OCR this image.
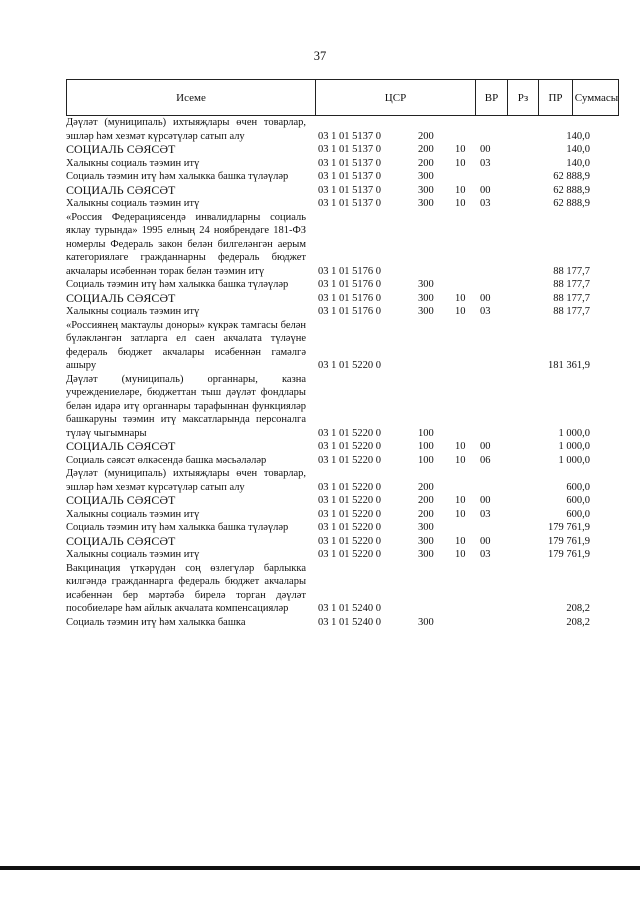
37
Исеме	ЦСР	ВР	Рз	ПР	Суммасы
Дәүләт (муниципаль) ихтыяҗлары өчен товарлар, эшләр һәм хезмәт күрсәтүләр сатып алу	03 1 01 5137 0	200	140,0
СОЦИАЛЬ СӘЯСӘТ	03 1 01 5137 0	200 10 00	140,0
Халыкны социаль тәэмин итү	03 1 01 5137 0	200 10 03	140,0
Социаль тәэмин итү һәм халыкка башка түләүләр	03 1 01 5137 0	300	62 888,9
СОЦИАЛЬ СӘЯСӘТ	03 1 01 5137 0	300 10 00	62 888,9
Халыкны социаль тәэмин итү	03 1 01 5137 0	300 10 03	62 888,9
«Россия Федерациясендә инвалидларны социаль яклау турында» 1995 елның 24 ноябрендәге 181-ФЗ номерлы Федераль закон белән билгеләнгән аерым категорияләге гражданнарны федераль бюджет акчалары исәбеннән торак белән тәэмин итү	03 1 01 5176 0	88 177,7
Социаль тәэмин итү һәм халыкка башка түләүләр	03 1 01 5176 0	300	88 177,7
СОЦИАЛЬ СӘЯСӘТ	03 1 01 5176 0	300 10 00	88 177,7
Халыкны социаль тәэмин итү	03 1 01 5176 0	300 10 03	88 177,7
«Россиянең мактаулы доноры» күкрәк тамгасы белән бүләкләнгән затларга ел саен акчалата түләүне федераль бюджет акчалары исәбеннән гамәлгә ашыру	03 1 01 5220 0	181 361,9
Дәүләт (муниципаль) органнары, казна учреждениеләре, бюджеттан тыш дәүләт фондлары белән идарә итү органнары тарафыннан функцияләр башкаруны тәэмин итү максатларында персоналга түләү чыгымнары	03 1 01 5220 0	100	1 000,0
СОЦИАЛЬ СӘЯСӘТ	03 1 01 5220 0	100 10 00	1 000,0
Социаль сәясәт өлкәсендә башка мәсьәләләр	03 1 01 5220 0	100 10 06	1 000,0
Дәүләт (муниципаль) ихтыяҗлары өчен товарлар, эшләр һәм хезмәт күрсәтүләр сатып алу	03 1 01 5220 0	200	600,0
СОЦИАЛЬ СӘЯСӘТ	03 1 01 5220 0	200 10 00	600,0
Халыкны социаль тәэмин итү	03 1 01 5220 0	200 10 03	600,0
Социаль тәэмин итү һәм халыкка башка түләүләр	03 1 01 5220 0	300	179 761,9
СОЦИАЛЬ СӘЯСӘТ	03 1 01 5220 0	300 10 00	179 761,9
Халыкны социаль тәэмин итү	03 1 01 5220 0	300 10 03	179 761,9
Вакцинация үткәрүдән соң өзлегүләр барлыкка килгәндә гражданнарга федераль бюджет акчалары исәбеннән бер мәртәбә бирелә торган дәүләт пособиеләре һәм айлык акчалата компенсацияләр	03 1 01 5240 0	208,2
Социаль тәэмин итү һәм халыкка башка	03 1 01 5240 0	300	208,2
